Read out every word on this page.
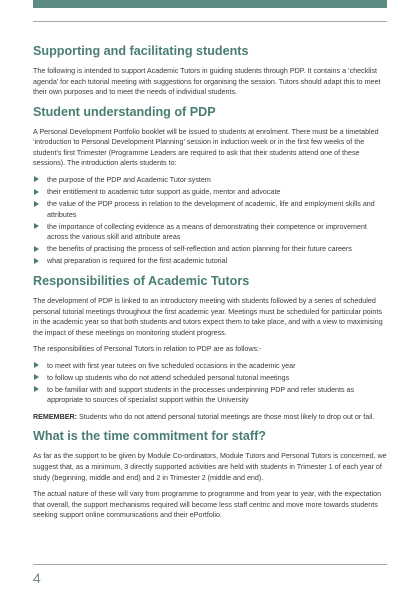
Supporting and facilitating students

The following is intended to support Academic Tutors in guiding students through PDP. It contains a ‘checklist agenda’ for each tutorial meeting with suggestions for organising the session. Tutors should adapt this to meet their own purposes and to meet the needs of individual students.

Student understanding of PDP

A Personal Development Portfolio booklet will be issued to students at enrolment. There must be a timetabled ‘introduction to Personal Development Planning’ session in induction week or in the first few weeks of the student’s first Trimester (Programme Leaders are required to ask that their students attend one of these sessions). The introduction alerts students to:

the purpose of the PDP and Academic Tutor system
their entitlement to academic tutor support as guide, mentor and advocate
the value of the PDP process in relation to the development of academic, life and employment skills and attributes
the importance of collecting evidence as a means of demonstrating their competence or improvement across the various skill and attribute areas
the benefits of practising the process of self-reflection and action planning for their future careers
what preparation is required for the first academic tutorial
Responsibilities of Academic Tutors

The development of PDP is linked to an introductory meeting with students followed by a series of scheduled personal tutorial meetings throughout the first academic year. Meetings must be scheduled for particular points in the academic year so that both students and tutors expect them to take place, and with a view to maximising the impact of these meetings on monitoring student progress.

The responsibilities of Personal Tutors in relation to PDP are as follows:-

to meet with first year tutees on five scheduled occasions in the academic year
to follow up students who do not attend scheduled personal tutorial meetings
to be familiar with and support students in the processes underpinning PDP and refer students as appropriate to sources of specialist support within the University

REMEMBER: Students who do not attend personal tutorial meetings are those most likely to drop out or fail.

What is the time commitment for staff?

As far as the support to be given by Module Co-ordinators, Module Tutors and Personal Tutors is concerned, we suggest that, as a minimum, 3 directly supported activities are held with students in Trimester 1 of each year of study (beginning, middle and end) and 2 in Trimester 2 (middle and end).

The actual nature of these will vary from programme to programme and from year to year, with the expectation that overall, the support mechanisms required will become less staff centric and move more towards students seeking support online communications and their ePortfolio.

4
